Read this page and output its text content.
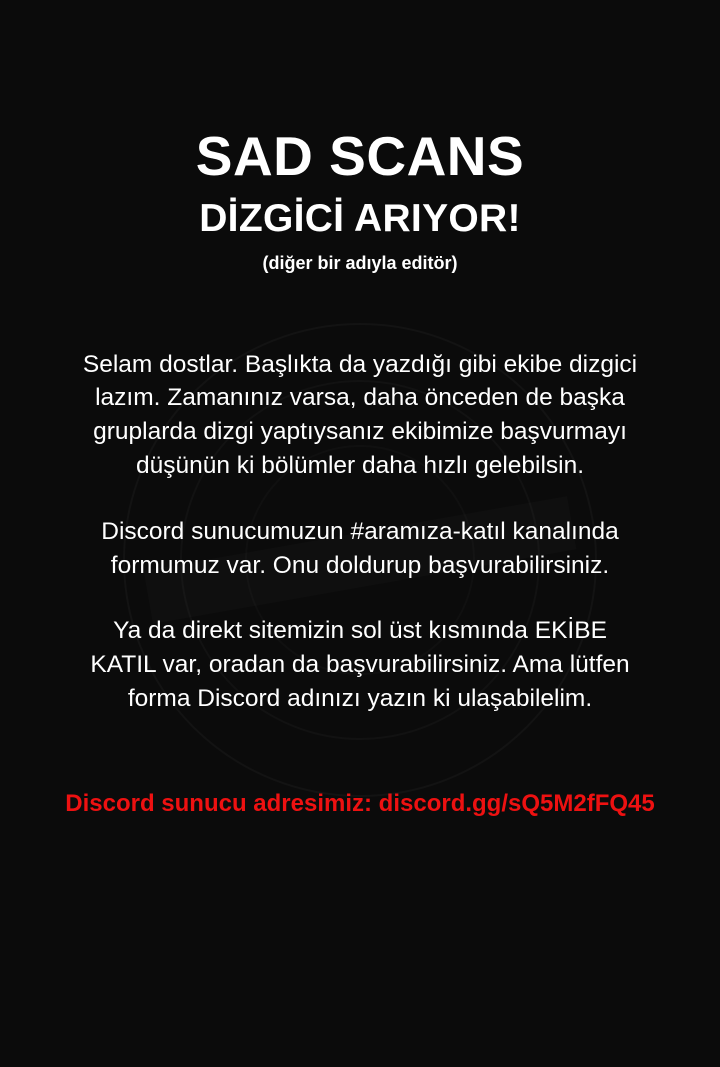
SAD SCANS
DİZGİCİ ARIYOR!
(diğer bir adıyla editör)

Selam dostlar. Başlıkta da yazdığı gibi ekibe dizgici lazım. Zamanınız varsa, daha önceden de başka gruplarda dizgi yaptıysanız ekibimize başvurmayı düşünün ki bölümler daha hızlı gelebilsin.

Discord sunucumuzun #aramıza-katıl kanalında formumuz var. Onu doldurup başvurabilirsiniz.

Ya da direkt sitemizin sol üst kısmında EKİBE KATIL var, oradan da başvurabilirsiniz. Ama lütfen forma Discord adınızı yazın ki ulaşabilelim.

Discord sunucu adresimiz: discord.gg/sQ5M2fFQ45
